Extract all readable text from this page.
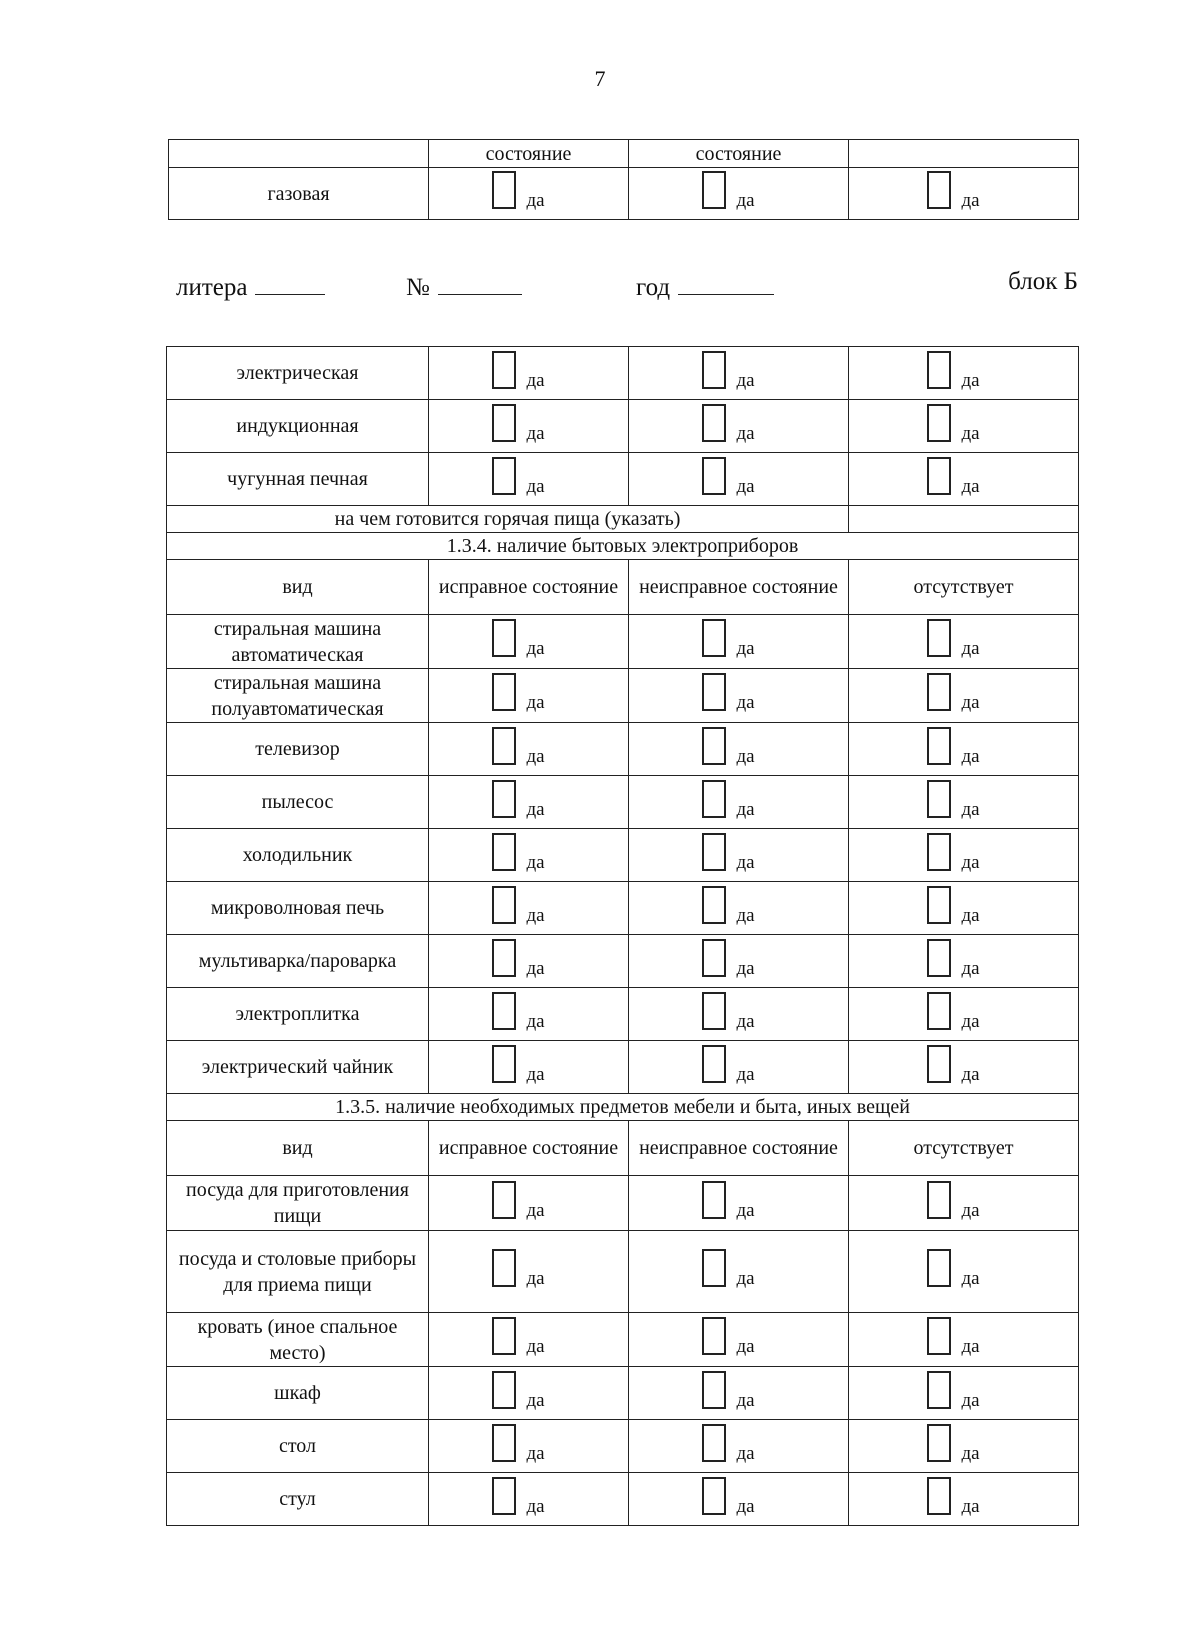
7
	состояние	состояние	
газовая	да	да	да
литера	№	год	блок Б
электрическая	да	да	да

индукционная	да	да	да

чугунная печная	да	да	да

на чем готовится горячая пища (указать)			
1.3.4. наличие бытовых электроприборов			
вид	исправное состояние	неисправное состояние	отсутствует
стиральная машина автоматическая	да	да	да

стиральная машина полуавтоматическая	да	да	да

телевизор	да	да	да

пылесос	да	да	да

холодильник	да	да	да

микроволновая печь	да	да	да

мультиварка/пароварка	да	да	да

электроплитка	да	да	да

электрический чайник	да	да	да

1.3.5. наличие необходимых предметов мебели и быта, иных вещей			
вид	исправное состояние	неисправное состояние	отсутствует
посуда для приготовления пищи	да	да	да

посуда и столовые приборы для приема пищи	да	да	да

кровать (иное спальное место)	да	да	да

шкаф	да	да	да

стол	да	да	да

стул	да	да	да
